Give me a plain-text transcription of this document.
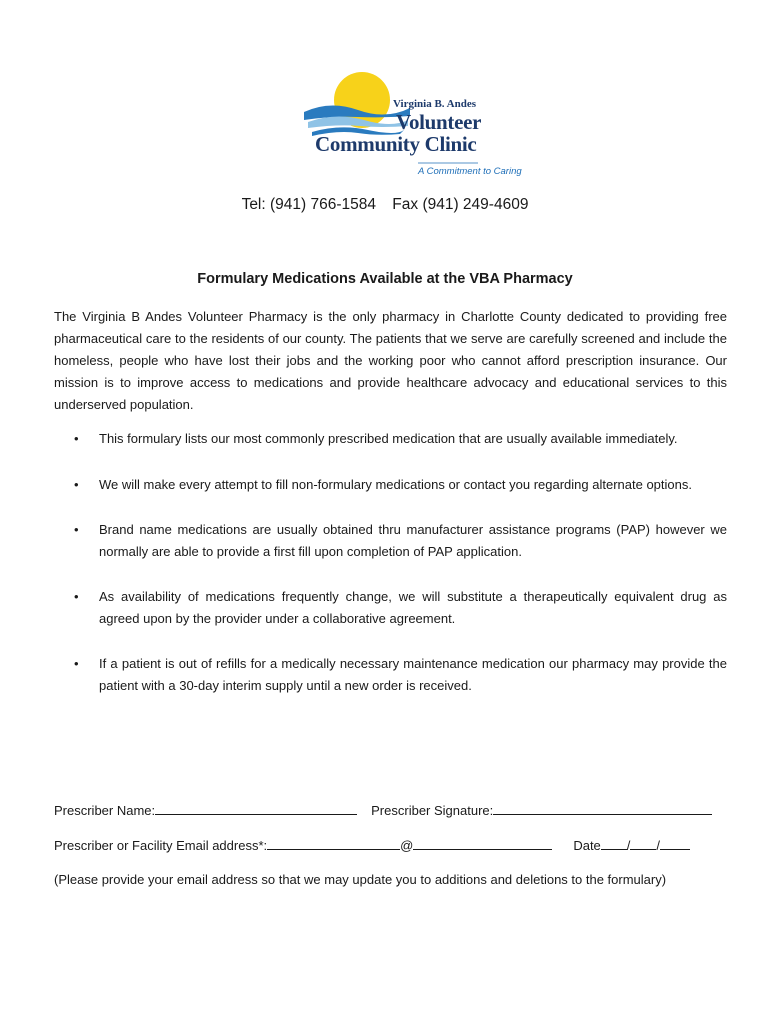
Virginia B. Andes
Volunteer
Community Clinic
A Commitment to Caring
Tel: (941) 766-1584 Fax (941) 249-4609
Formulary Medications Available at the VBA Pharmacy

The Virginia B Andes Volunteer Pharmacy is the only pharmacy in Charlotte County dedicated to providing free pharmaceutical care to the residents of our county. The patients that we serve are carefully screened and include the homeless, people who have lost their jobs and the working poor who cannot afford prescription insurance. Our mission is to improve access to medications and provide healthcare advocacy and educational services to this underserved population.

• This formulary lists our most commonly prescribed medication that are usually available immediately.
• We will make every attempt to fill non-formulary medications or contact you regarding alternate options.
• Brand name medications are usually obtained thru manufacturer assistance programs (PAP) however we normally are able to provide a first fill upon completion of PAP application.
• As availability of medications frequently change, we will substitute a therapeutically equivalent drug as agreed upon by the provider under a collaborative agreement.
• If a patient is out of refills for a medically necessary maintenance medication our pharmacy may provide the patient with a 30-day interim supply until a new order is received.
Prescriber Name:	Prescriber Signature:
Prescriber or Facility Email address*:	@	Date / /
(Please provide your email address so that we may update you to additions and deletions to the formulary)
